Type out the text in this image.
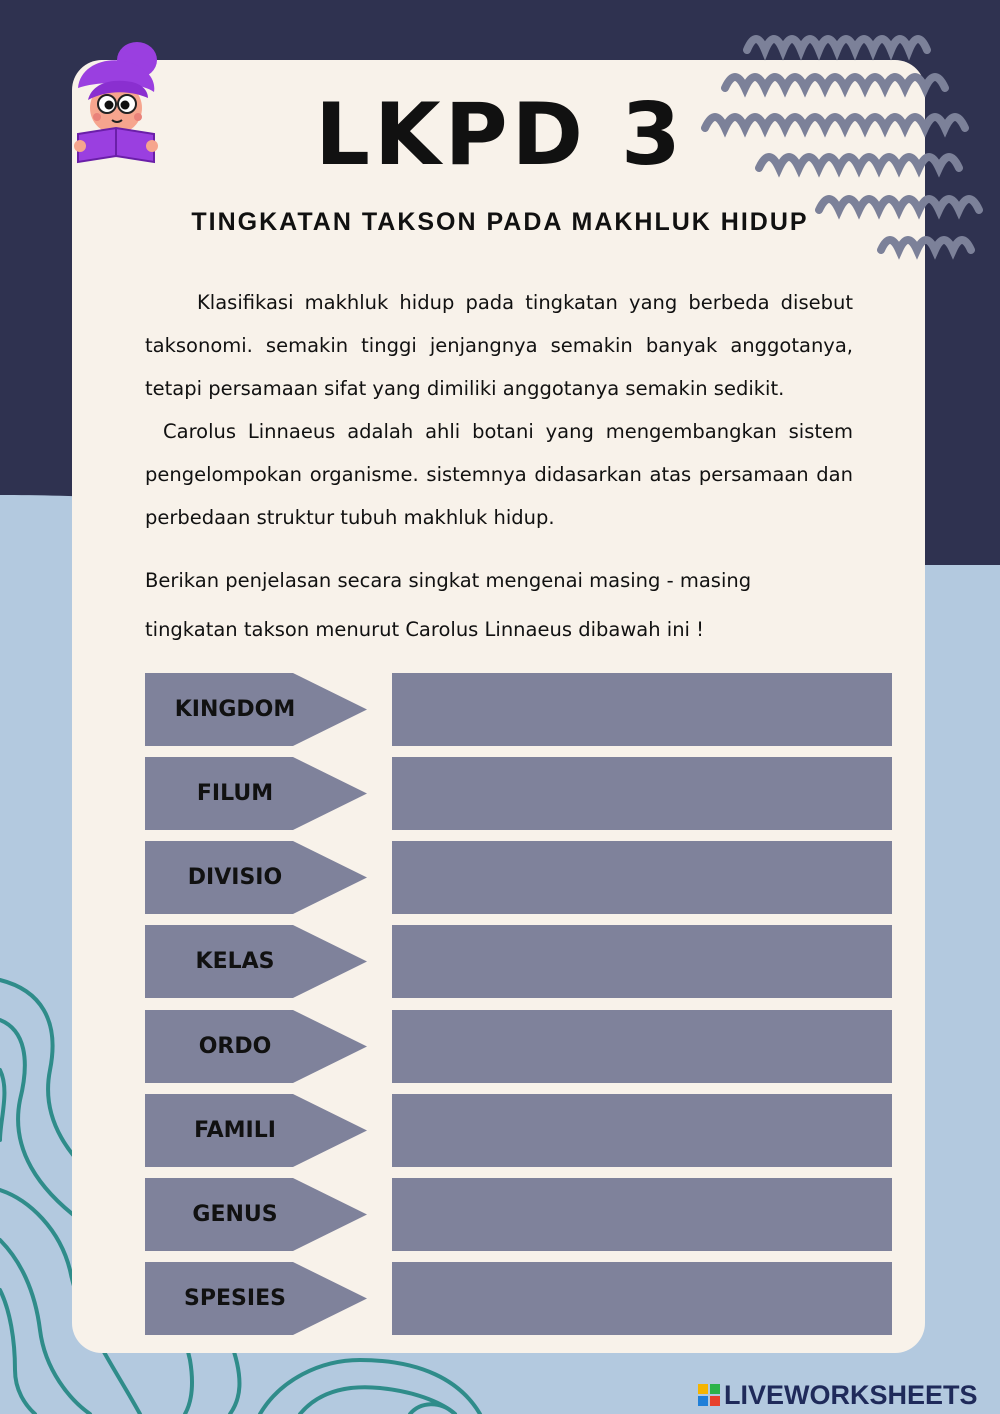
LKPD 3
TINGKATAN TAKSON PADA MAKHLUK HIDUP

Klasifikasi makhluk hidup pada tingkatan yang berbeda disebut taksonomi. semakin tinggi jenjangnya semakin banyak anggotanya, tetapi persamaan sifat yang dimiliki anggotanya semakin sedikit.

Carolus Linnaeus adalah ahli botani yang mengembangkan sistem pengelompokan organisme. sistemnya didasarkan atas persamaan dan perbedaan struktur tubuh makhluk hidup.

Berikan penjelasan secara singkat mengenai masing - masing
tingkatan takson menurut Carolus Linnaeus dibawah ini !
KINGDOM
FILUM
DIVISIO
KELAS
ORDO
FAMILI
GENUS
SPESIES
LIVEWORKSHEETS
